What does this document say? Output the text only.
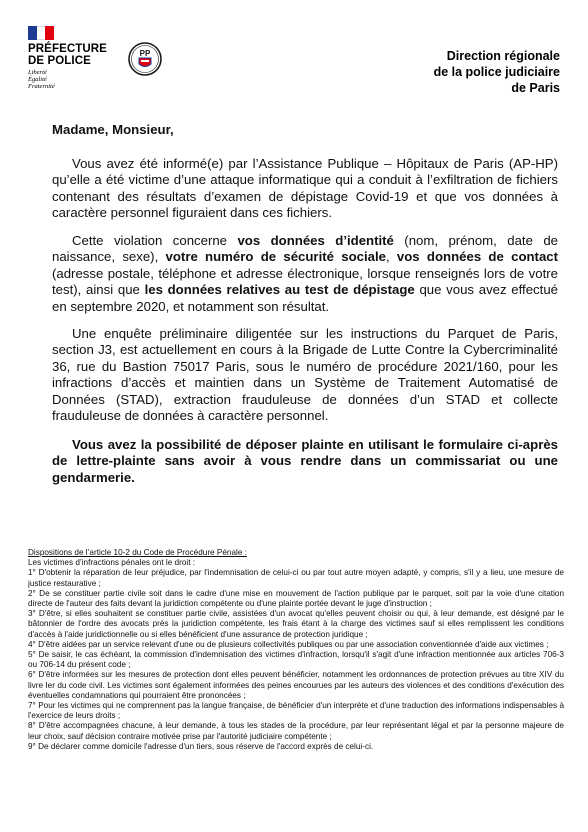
PRÉFECTURE
DE POLICE
Liberté
Égalité
Fraternité
PP	Direction régionale
de la police judiciaire
de Paris
Madame, Monsieur,

Vous avez été informé(e) par l’Assistance Publique – Hôpitaux de Paris (AP-HP) qu’elle a été victime d’une attaque informatique qui a conduit à l’exfiltration de fichiers contenant des résultats d’examen de dépistage Covid-19 et que vos données à caractère personnel figuraient dans ces fichiers.

Cette violation concerne vos données d’identité (nom, prénom, date de naissance, sexe), votre numéro de sécurité sociale, vos données de contact (adresse postale, téléphone et adresse électronique, lorsque renseignés lors de votre test), ainsi que les données relatives au test de dépistage que vous avez effectué en septembre 2020, et notamment son résultat.

Une enquête préliminaire diligentée sur les instructions du Parquet de Paris, section J3, est actuellement en cours à la Brigade de Lutte Contre la Cybercriminalité 36, rue du Bastion 75017 Paris, sous le numéro de procédure 2021/160, pour les infractions d’accès et maintien dans un Système de Traitement Automatisé de Données (STAD), extraction frauduleuse de données d’un STAD et collecte frauduleuse de données à caractère personnel.

Vous avez la possibilité de déposer plainte en utilisant le formulaire ci-après de lettre-plainte sans avoir à vous rendre dans un commissariat ou une gendarmerie.

Dispositions de l’article 10-2 du Code de Procédure Pénale :

Les victimes d’infractions pénales ont le droit :

1° D'obtenir la réparation de leur préjudice, par l'indemnisation de celui-ci ou par tout autre moyen adapté, y compris, s'il y a lieu, une mesure de justice restaurative ;

2° De se constituer partie civile soit dans le cadre d'une mise en mouvement de l'action publique par le parquet, soit par la voie d'une citation directe de l'auteur des faits devant la juridiction compétente ou d'une plainte portée devant le juge d'instruction ;

3° D'être, si elles souhaitent se constituer partie civile, assistées d'un avocat qu'elles peuvent choisir ou qui, à leur demande, est désigné par le bâtonnier de l'ordre des avocats près la juridiction compétente, les frais étant à la charge des victimes sauf si elles remplissent les conditions d'accès à l'aide juridictionnelle ou si elles bénéficient d'une assurance de protection juridique ;

4° D'être aidées par un service relevant d'une ou de plusieurs collectivités publiques ou par une association conventionnée d'aide aux victimes ;

5° De saisir, le cas échéant, la commission d'indemnisation des victimes d'infraction, lorsqu'il s'agit d'une infraction mentionnée aux articles 706-3 ou 706-14 du présent code ;

6° D'être informées sur les mesures de protection dont elles peuvent bénéficier, notamment les ordonnances de protection prévues au titre XIV du livre Ier du code civil. Les victimes sont également informées des peines encourues par les auteurs des violences et des conditions d'exécution des éventuelles condamnations qui pourraient être prononcées ;

7° Pour les victimes qui ne comprennent pas la langue française, de bénéficier d'un interprète et d'une traduction des informations indispensables à l'exercice de leurs droits ;

8° D'être accompagnées chacune, à leur demande, à tous les stades de la procédure, par leur représentant légal et par la personne majeure de leur choix, sauf décision contraire motivée prise par l'autorité judiciaire compétente ;

9° De déclarer comme domicile l'adresse d'un tiers, sous réserve de l'accord exprès de celui-ci.
